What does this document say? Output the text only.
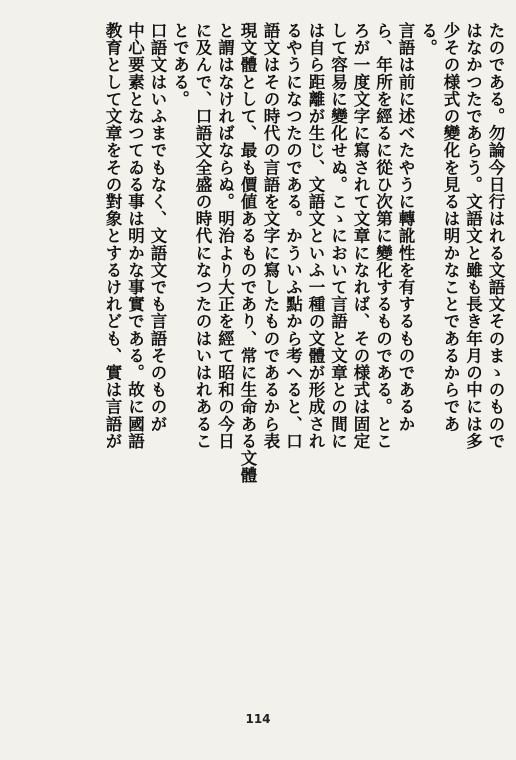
たのである。勿論今日行はれる文語文そのまゝのもので
はなかつたであらう。文語文と雖も長き年月の中には多
少その様式の變化を見るは明かなことであるからであ
る。
言語は前に述べたやうに轉訛性を有するものであるか
ら、年所を經るに從ひ次第に變化するものである。とこ
ろが一度文字に寫されて文章になれば、その様式は固定
して容易に變化せぬ。こゝにおいて言語と文章との間に
は自ら距離が生じ、文語文といふ一種の文體が形成され
るやうになつたのである。かういふ點から考へると、口
語文はその時代の言語を文字に寫したものであるから表
現文體として、最も價値あるものであり、常に生命ある文體
と謂はなければならぬ。明治より大正を經て昭和の今日
に及んで、口語文全盛の時代になつたのはいはれあるこ
とである。
口語文はいふまでもなく、文語文でも言語そのものが
中心要素となつてゐる事は明かな事實である。故に國語
教育として文章をその對象とするけれども、實は言語が
114
